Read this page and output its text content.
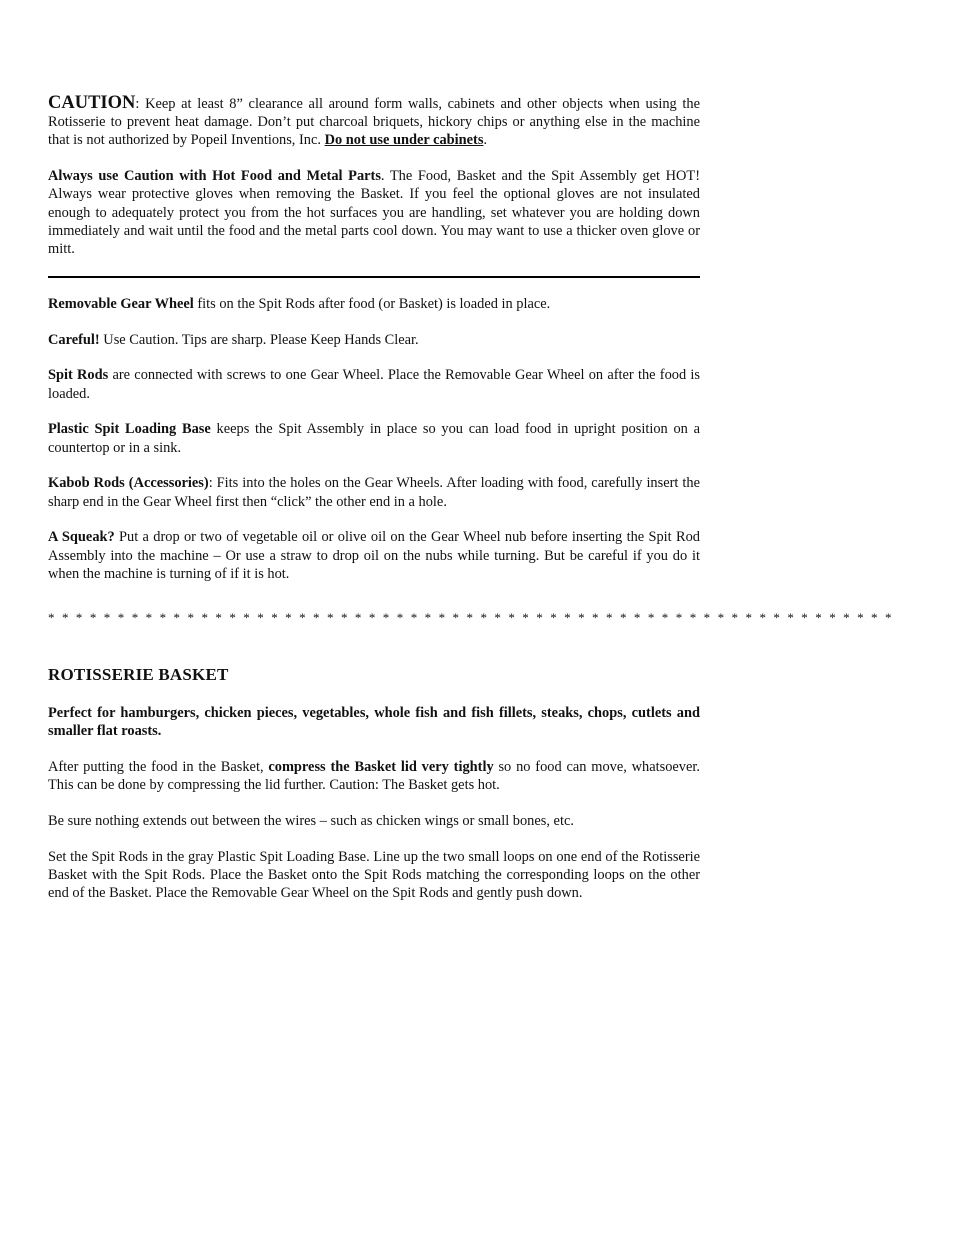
CAUTION: Keep at least 8” clearance all around form walls, cabinets and other objects when using the Rotisserie to prevent heat damage. Don’t put charcoal briquets, hickory chips or anything else in the machine that is not authorized by Popeil Inventions, Inc. Do not use under cabinets.

Always use Caution with Hot Food and Metal Parts. The Food, Basket and the Spit Assembly get HOT! Always wear protective gloves when removing the Basket. If you feel the optional gloves are not insulated enough to adequately protect you from the hot surfaces you are handling, set whatever you are holding down immediately and wait until the food and the metal parts cool down. You may want to use a thicker oven glove or mitt.

Removable Gear Wheel fits on the Spit Rods after food (or Basket) is loaded in place.

Careful! Use Caution. Tips are sharp. Please Keep Hands Clear.

Spit Rods are connected with screws to one Gear Wheel. Place the Removable Gear Wheel on after the food is loaded.

Plastic Spit Loading Base keeps the Spit Assembly in place so you can load food in upright position on a countertop or in a sink.

Kabob Rods (Accessories): Fits into the holes on the Gear Wheels. After loading with food, carefully insert the sharp end in the Gear Wheel first then “click” the other end in a hole.

A Squeak? Put a drop or two of vegetable oil or olive oil on the Gear Wheel nub before inserting the Spit Rod Assembly into the machine – Or use a straw to drop oil on the nubs while turning. But be careful if you do it when the machine is turning of if it is hot.

* * * * * * * * * * * * * * * * * * * * * * * * * * * * * * * * * * * * * * * * * * * * * * * * * * * * * * * * * * * * *
ROTISSERIE BASKET

Perfect for hamburgers, chicken pieces, vegetables, whole fish and fish fillets, steaks, chops, cutlets and smaller flat roasts.

After putting the food in the Basket, compress the Basket lid very tightly so no food can move, whatsoever. This can be done by compressing the lid further. Caution: The Basket gets hot.

Be sure nothing extends out between the wires – such as chicken wings or small bones, etc.

Set the Spit Rods in the gray Plastic Spit Loading Base. Line up the two small loops on one end of the Rotisserie Basket with the Spit Rods. Place the Basket onto the Spit Rods matching the corresponding loops on the other end of the Basket. Place the Removable Gear Wheel on the Spit Rods and gently push down.
